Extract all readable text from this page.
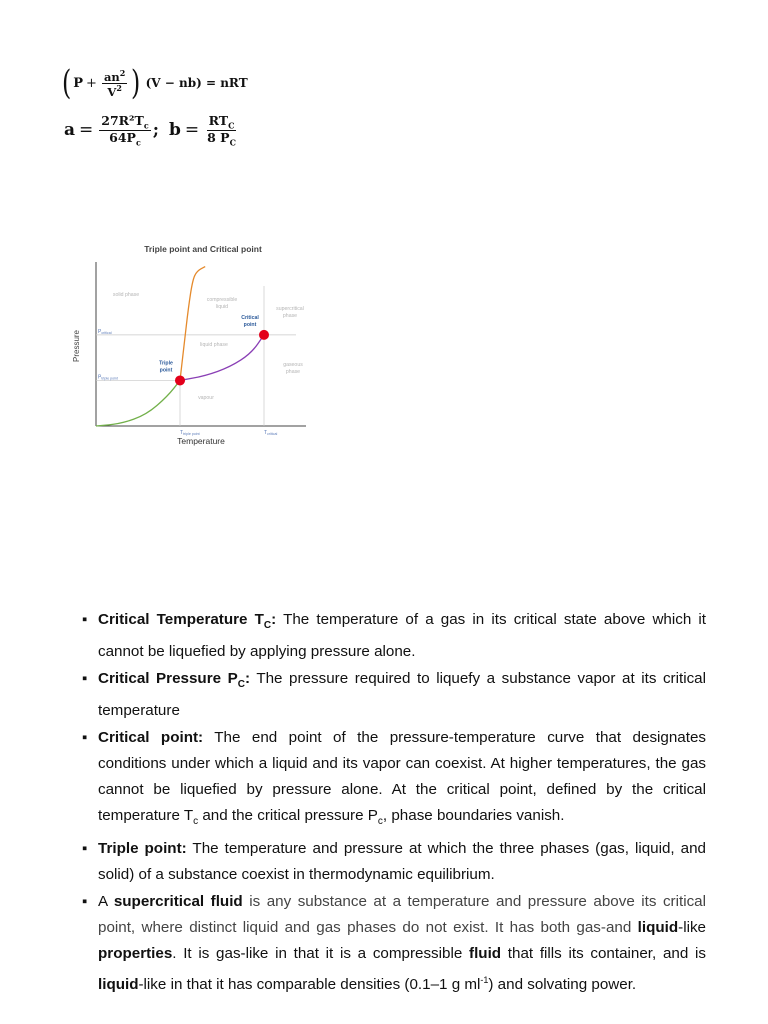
( $P + \frac{an^2}{V^2}$ ) (V − nb) = nRT
$a = \frac{27R^2T_c}{64P_c}$ ; $b = \frac{RT_C}{8 P_C}$
Triple point and Critical point
Pressure
Temperature
solid phase
compressible liquid	supercritical phase
liquid phase
gaseous phase
vapour
$P_{critical}$
$P_{triple point}$
$T_{triple point}$	$T_{critical}$
Triple point
Critical point
▪ Critical Temperature $T_C$: The temperature of a gas in its critical state above which it cannot be liquefied by applying pressure alone.
▪ Critical Pressure $P_C$: The pressure required to liquefy a substance vapor at its critical temperature
▪ Critical point: The end point of the pressure-temperature curve that designates conditions under which a liquid and its vapor can coexist. At higher temperatures, the gas cannot be liquefied by pressure alone. At the critical point, defined by the critical temperature $T_c$ and the critical pressure $P_c$, phase boundaries vanish.
▪ Triple point: The temperature and pressure at which the three phases (gas, liquid, and solid) of a substance coexist in thermodynamic equilibrium.
▪ A supercritical fluid is any substance at a temperature and pressure above its critical point, where distinct liquid and gas phases do not exist. It has both gas-and liquid-like properties. It is gas-like in that it is a compressible fluid that fills its container, and is liquid-like in that it has comparable densities (0.1–1 g $ml^{-1}$) and solvating power.
